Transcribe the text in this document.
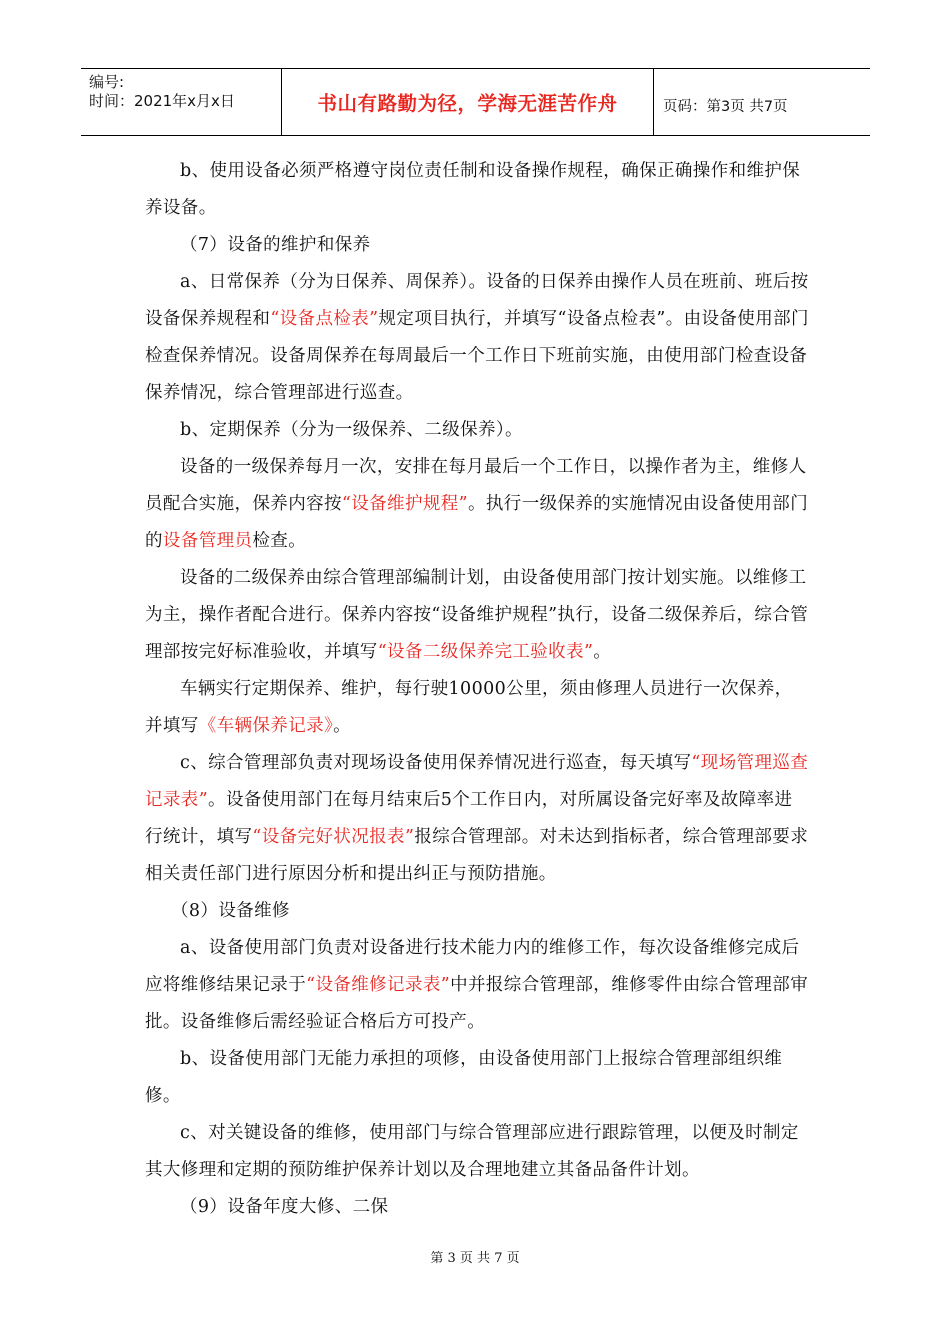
编号:
时间：2021年x月x日	书山有路勤为径，学海无涯苦作舟	页码：第3页 共7页

b、使用设备必须严格遵守岗位责任制和设备操作规程，确保正确操作和维护保养设备。

（7）设备的维护和保养

a、日常保养（分为日保养、周保养）。设备的日保养由操作人员在班前、班后按设备保养规程和“设备点检表”规定项目执行，并填写“设备点检表”。由设备使用部门检查保养情况。设备周保养在每周最后一个工作日下班前实施，由使用部门检查设备保养情况，综合管理部进行巡查。

b、定期保养（分为一级保养、二级保养）。

设备的一级保养每月一次，安排在每月最后一个工作日，以操作者为主，维修人员配合实施，保养内容按“设备维护规程”。执行一级保养的实施情况由设备使用部门的设备管理员检查。

设备的二级保养由综合管理部编制计划，由设备使用部门按计划实施。以维修工为主，操作者配合进行。保养内容按“设备维护规程”执行，设备二级保养后，综合管理部按完好标准验收，并填写“设备二级保养完工验收表”。

车辆实行定期保养、维护，每行驶10000公里，须由修理人员进行一次保养，并填写《车辆保养记录》。

c、综合管理部负责对现场设备使用保养情况进行巡查，每天填写“现场管理巡查记录表”。设备使用部门在每月结束后5个工作日内，对所属设备完好率及故障率进行统计，填写“设备完好状况报表”报综合管理部。对未达到指标者，综合管理部要求相关责任部门进行原因分析和提出纠正与预防措施。

（8）设备维修

a、设备使用部门负责对设备进行技术能力内的维修工作，每次设备维修完成后应将维修结果记录于“设备维修记录表”中并报综合管理部，维修零件由综合管理部审批。设备维修后需经验证合格后方可投产。

b、设备使用部门无能力承担的项修，由设备使用部门上报综合管理部组织维修。

c、对关键设备的维修，使用部门与综合管理部应进行跟踪管理，以便及时制定其大修理和定期的预防维护保养计划以及合理地建立其备品备件计划。

（9）设备年度大修、二保

第 3 页 共 7 页
